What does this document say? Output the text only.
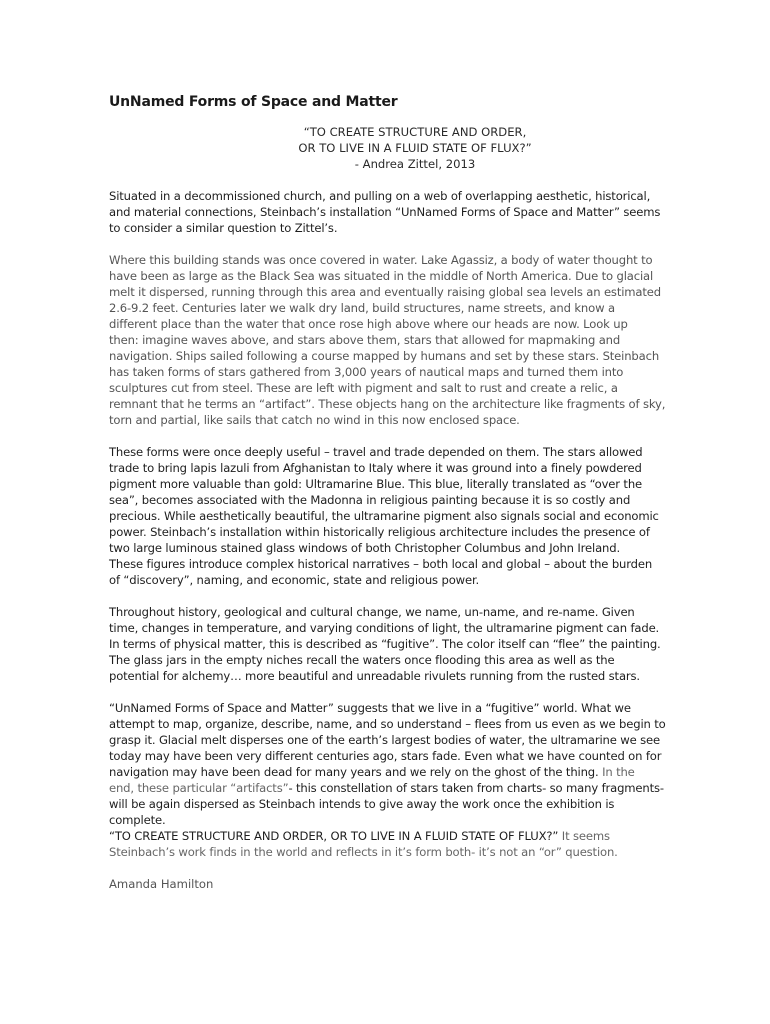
UnNamed Forms of Space and Matter
“TO CREATE STRUCTURE AND ORDER,
OR TO LIVE IN A FLUID STATE OF FLUX?”
- Andrea Zittel, 2013

Situated in a decommissioned church, and pulling on a web of overlapping aesthetic, historical,
and material connections, Steinbach’s installation “UnNamed Forms of Space and Matter” seems
to consider a similar question to Zittel’s.

Where this building stands was once covered in water. Lake Agassiz, a body of water thought to
have been as large as the Black Sea was situated in the middle of North America. Due to glacial
melt it dispersed, running through this area and eventually raising global sea levels an estimated
2.6-9.2 feet. Centuries later we walk dry land, build structures, name streets, and know a
different place than the water that once rose high above where our heads are now. Look up
then: imagine waves above, and stars above them, stars that allowed for mapmaking and
navigation. Ships sailed following a course mapped by humans and set by these stars. Steinbach
has taken forms of stars gathered from 3,000 years of nautical maps and turned them into
sculptures cut from steel. These are left with pigment and salt to rust and create a relic, a
remnant that he terms an “artifact”. These objects hang on the architecture like fragments of sky,
torn and partial, like sails that catch no wind in this now enclosed space.

These forms were once deeply useful – travel and trade depended on them. The stars allowed
trade to bring lapis lazuli from Afghanistan to Italy where it was ground into a finely powdered
pigment more valuable than gold: Ultramarine Blue. This blue, literally translated as “over the
sea”, becomes associated with the Madonna in religious painting because it is so costly and
precious. While aesthetically beautiful, the ultramarine pigment also signals social and economic
power. Steinbach’s installation within historically religious architecture includes the presence of
two large luminous stained glass windows of both Christopher Columbus and John Ireland.
These figures introduce complex historical narratives – both local and global – about the burden
of “discovery”, naming, and economic, state and religious power.

Throughout history, geological and cultural change, we name, un-name, and re-name. Given
time, changes in temperature, and varying conditions of light, the ultramarine pigment can fade.
In terms of physical matter, this is described as “fugitive”. The color itself can “flee” the painting.
The glass jars in the empty niches recall the waters once flooding this area as well as the
potential for alchemy… more beautiful and unreadable rivulets running from the rusted stars.

“UnNamed Forms of Space and Matter” suggests that we live in a “fugitive” world. What we
attempt to map, organize, describe, name, and so understand – flees from us even as we begin to
grasp it. Glacial melt disperses one of the earth’s largest bodies of water, the ultramarine we see
today may have been very different centuries ago, stars fade. Even what we have counted on for
navigation may have been dead for many years and we rely on the ghost of the thing. In the
end, these particular “artifacts”- this constellation of stars taken from charts- so many fragments-
will be again dispersed as Steinbach intends to give away the work once the exhibition is
complete.
“TO CREATE STRUCTURE AND ORDER, OR TO LIVE IN A FLUID STATE OF FLUX?” It seems
Steinbach’s work finds in the world and reflects in it’s form both- it’s not an “or” question.

Amanda Hamilton
